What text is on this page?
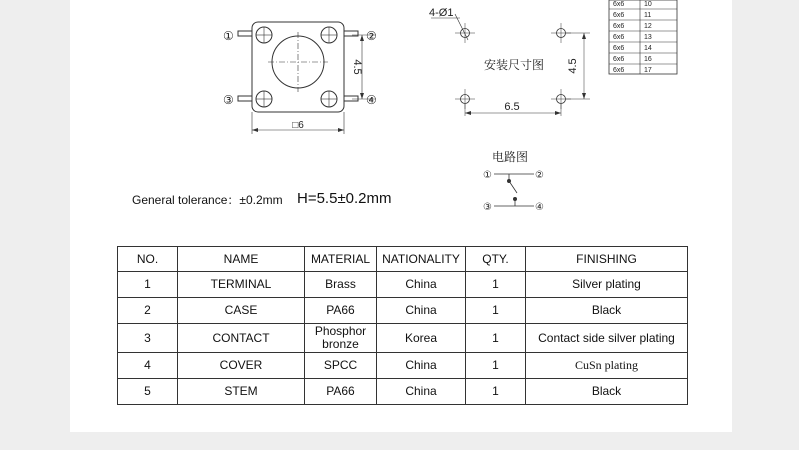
①	②
③	④
4.5
□6
4-Ø1
安装尺寸图
6.5
4.5
6x6	10
6x6	11
6x6	12
6x6	13
6x6	14
6x6	16
6x6	17
电路图
①	②
③	④
General tolerance：±0.2mm H=5.5±0.2mm
NO.	NAME	MATERIAL	NATIONALITY	QTY.	FINISHING
1	TERMINAL	Brass	China	1	Silver plating
2	CASE	PA66	China	1	Black
3	CONTACT	Phosphor bronze	Korea	1	Contact side silver plating
4	COVER	SPCC	China	1	CuSn plating
5	STEM	PA66	China	1	Black
